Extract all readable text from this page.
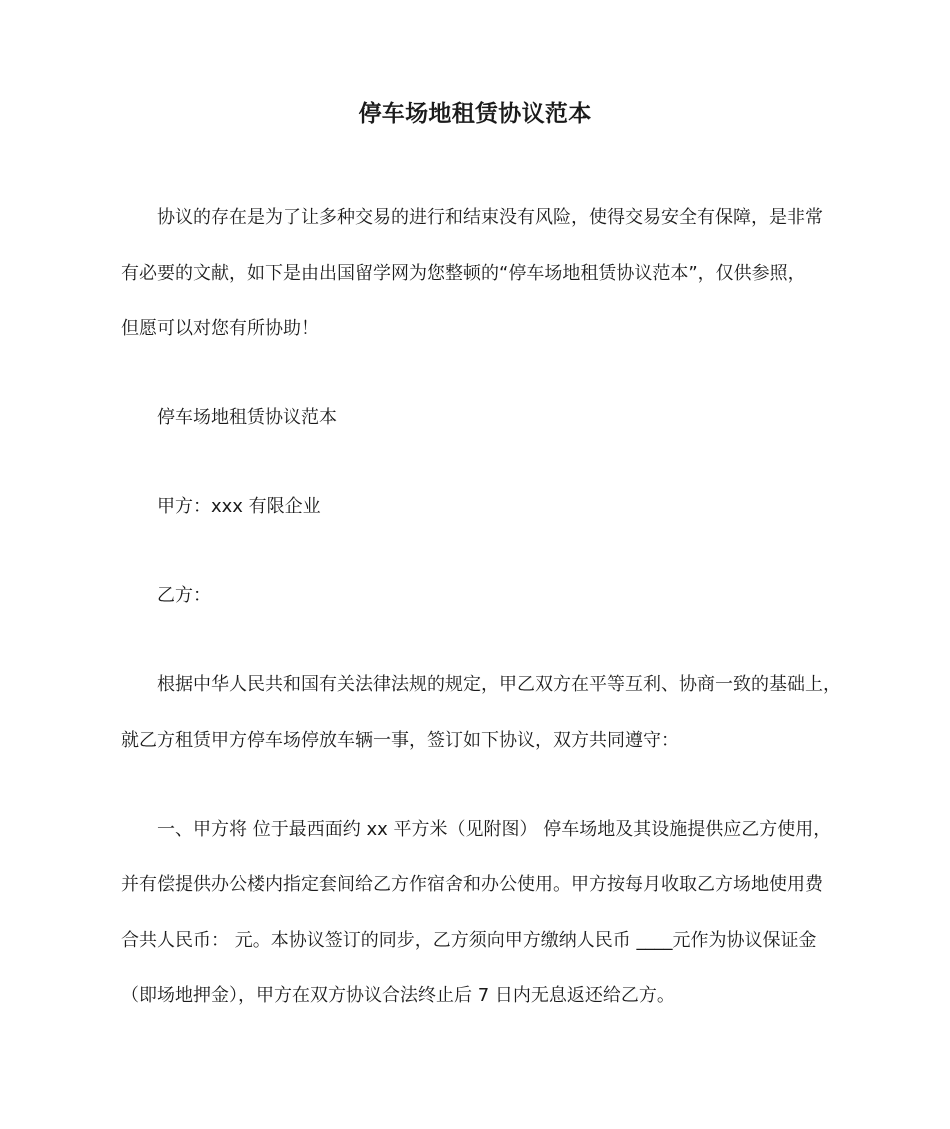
停车场地租赁协议范本
协议的存在是为了让多种交易的进行和结束没有风险，使得交易安全有保障，是非常
有必要的文献，如下是由出国留学网为您整顿的“停车场地租赁协议范本”，仅供参照，
但愿可以对您有所协助！
停车场地租赁协议范本
甲方：xxx 有限企业
乙方：
根据中华人民共和国有关法律法规的规定，甲乙双方在平等互利、协商一致的基础上，
就乙方租赁甲方停车场停放车辆一事，签订如下协议，双方共同遵守：
一、甲方将 位于最西面约 xx 平方米（见附图） 停车场地及其设施提供应乙方使用，
并有偿提供办公楼内指定套间给乙方作宿舍和办公使用。甲方按每月收取乙方场地使用费
合共人民币： 元。本协议签订的同步，乙方须向甲方缴纳人民币 ____元作为协议保证金
（即场地押金），甲方在双方协议合法终止后 7 日内无息返还给乙方。
